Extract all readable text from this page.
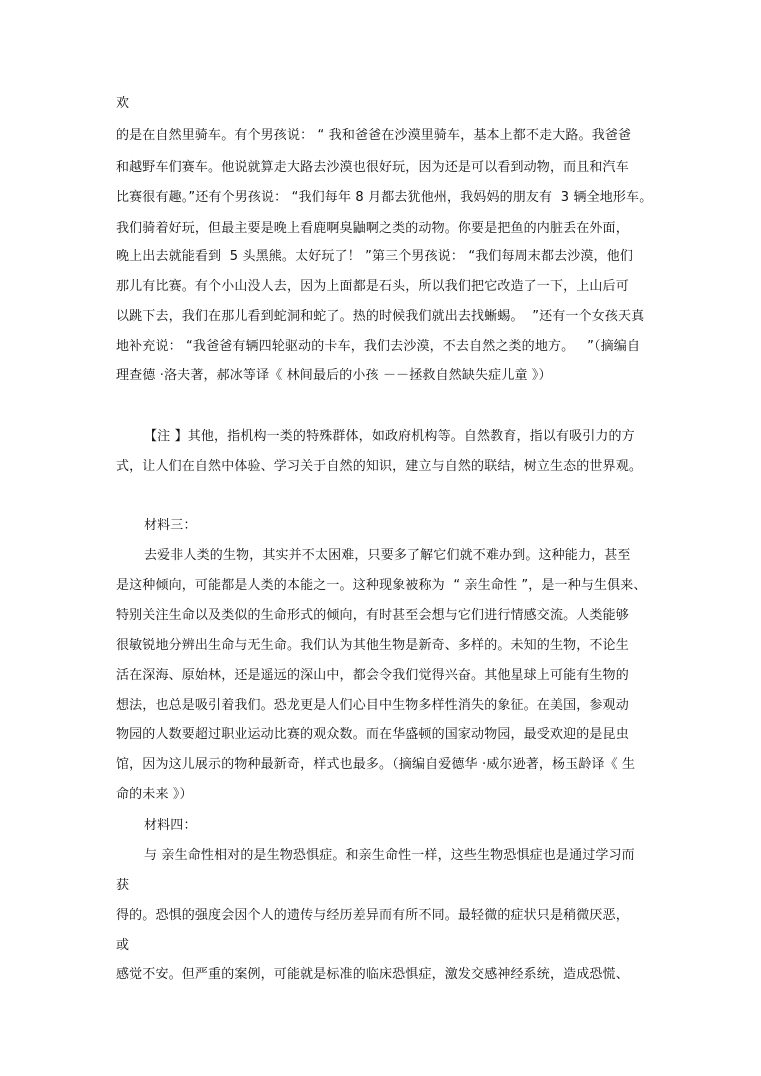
欢
的是在自然里骑车。有个男孩说： “ 我和爸爸在沙漠里骑车，基本上都不走大路。我爸爸
和越野车们赛车。他说就算走大路去沙漠也很好玩，因为还是可以看到动物，而且和汽车
比赛很有趣。”还有个男孩说： “我们每年 8 月都去犹他州，我妈妈的朋友有  3 辆全地形车。
我们骑着好玩，但最主要是晚上看鹿啊臭鼬啊之类的动物。你要是把鱼的内脏丢在外面，
晚上出去就能看到  5 头黑熊。太好玩了！ ”第三个男孩说： “我们每周末都去沙漠，他们
那儿有比赛。有个小山没人去，因为上面都是石头，所以我们把它改造了一下，上山后可
以跳下去，我们在那儿看到蛇洞和蛇了。热的时候我们就出去找蜥蜴。  ”还有一个女孩天真
地补充说： “我爸爸有辆四轮驱动的卡车，我们去沙漠，不去自然之类的地方。   ”（摘编自
理查德 ·洛夫著，郝冰等译《 林间最后的小孩 －－拯救自然缺失症儿童 》）
【注 】其他，指机构一类的特殊群体，如政府机构等。自然教育，指以有吸引力的方
式，让人们在自然中体验、学习关于自然的知识，建立与自然的联结，树立生态的世界观。
材料三：
去爱非人类的生物，其实并不太困难，只要多了解它们就不难办到。这种能力，甚至
是这种倾向，可能都是人类的本能之一。这种现象被称为  “ 亲生命性 ”，是一种与生俱来、
特别关注生命以及类似的生命形式的倾向，有时甚至会想与它们进行情感交流。人类能够
很敏锐地分辨出生命与无生命。我们认为其他生物是新奇、多样的。未知的生物，不论生
活在深海、原始林，还是遥远的深山中，都会令我们觉得兴奋。其他星球上可能有生物的
想法，也总是吸引着我们。恐龙更是人们心目中生物多样性消失的象征。在美国，参观动
物园的人数要超过职业运动比赛的观众数。而在华盛顿的国家动物园，最受欢迎的是昆虫
馆，因为这儿展示的物种最新奇，样式也最多。（摘编自爱德华 ·威尔逊著，杨玉龄译《 生
命的未来 》）
材料四：
与 亲生命性相对的是生物恐惧症。和亲生命性一样，这些生物恐惧症也是通过学习而
获
得的。恐惧的强度会因个人的遗传与经历差异而有所不同。最轻微的症状只是稍微厌恶，
或
感觉不安。但严重的案例，可能就是标准的临床恐惧症，激发交感神经系统，造成恐慌、
